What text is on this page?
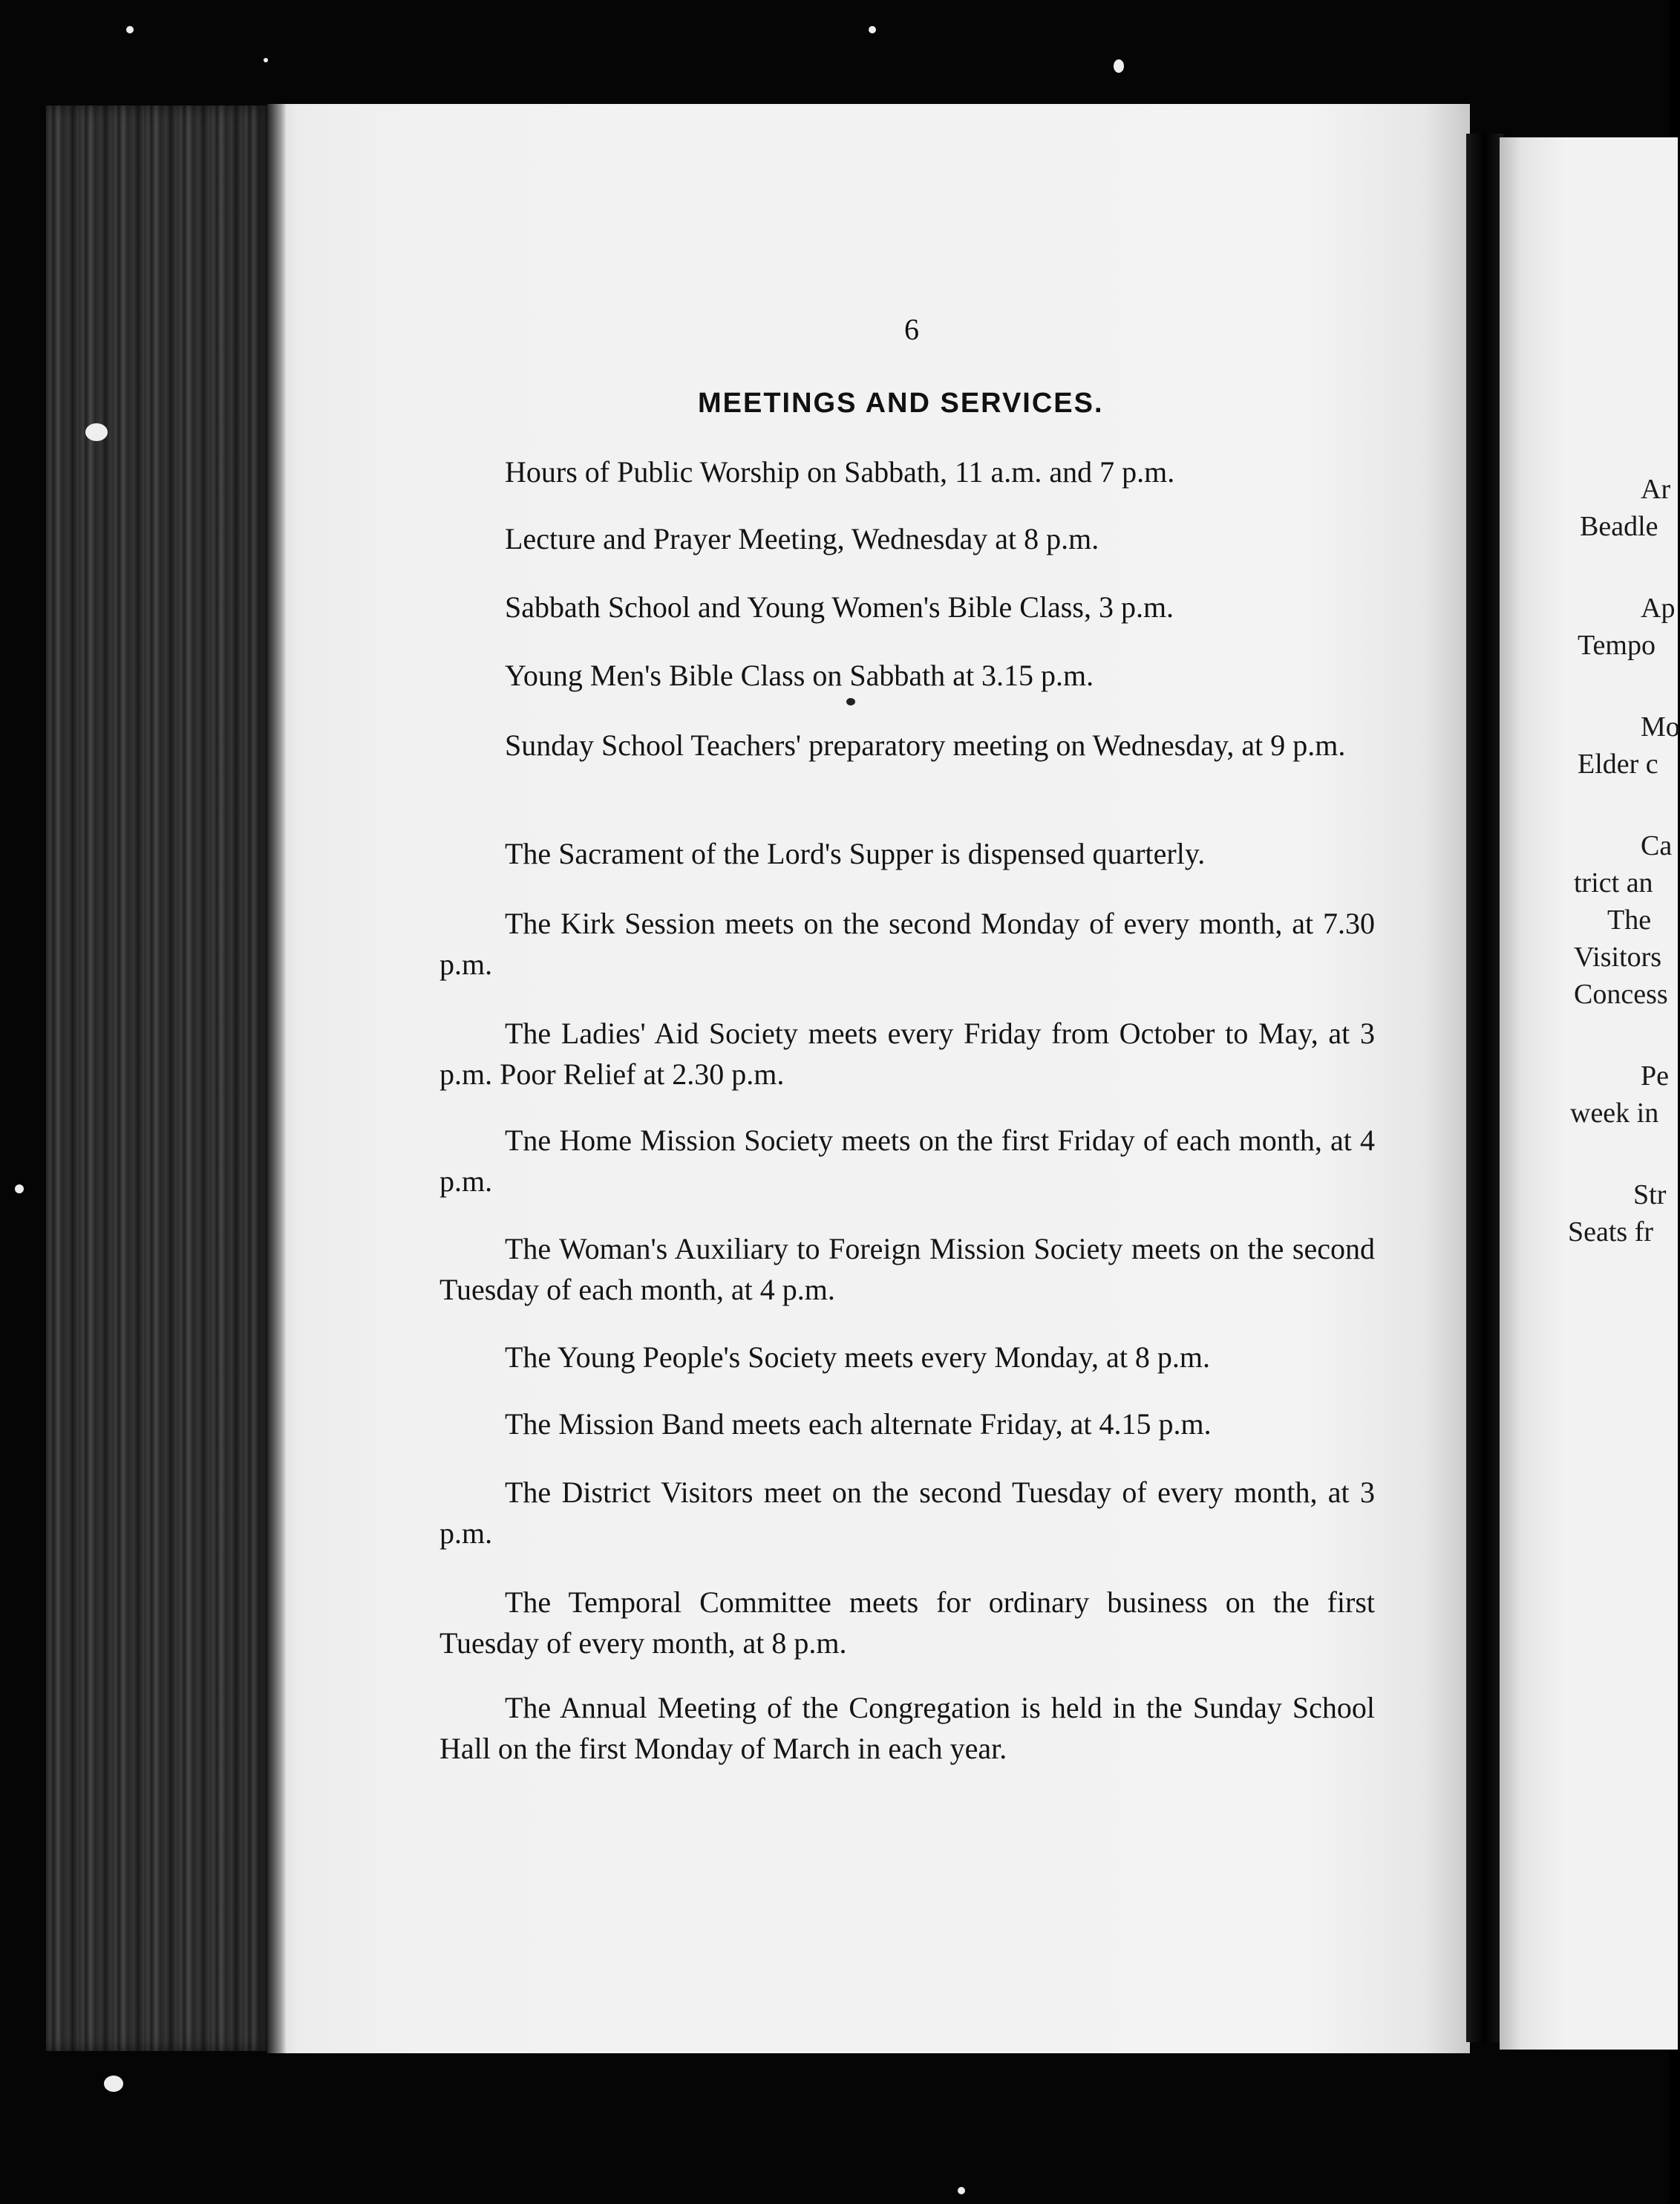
Ar
Beadle
Ap
Tempo
Mo
Elder c
Ca
trict an
The
Visitors
Concess
Pe
week in
Str
Seats fr
6
MEETINGS AND SERVICES.

Hours of Public Worship on Sabbath, 11 a.m. and 7 p.m.

Lecture and Prayer Meeting, Wednesday at 8 p.m.

Sabbath School and Young Women's Bible Class, 3 p.m.

Young Men's Bible Class on Sabbath at 3.15 p.m.

Sunday School Teachers' preparatory meeting on Wednesday, at 9 p.m.

The Sacrament of the Lord's Supper is dispensed quarterly.

The Kirk Session meets on the second Monday of every month, at 7.30 p.m.

The Ladies' Aid Society meets every Friday from October to May, at 3 p.m. Poor Relief at 2.30 p.m.

Tne Home Mission Society meets on the first Friday of each month, at 4 p.m.

The Woman's Auxiliary to Foreign Mission Society meets on the second Tuesday of each month, at 4 p.m.

The Young People's Society meets every Monday, at 8 p.m.

The Mission Band meets each alternate Friday, at 4.15 p.m.

The District Visitors meet on the second Tuesday of every month, at 3 p.m.

The Temporal Committee meets for ordinary business on the first Tuesday of every month, at 8 p.m.

The Annual Meeting of the Congregation is held in the Sunday School Hall on the first Monday of March in each year.
